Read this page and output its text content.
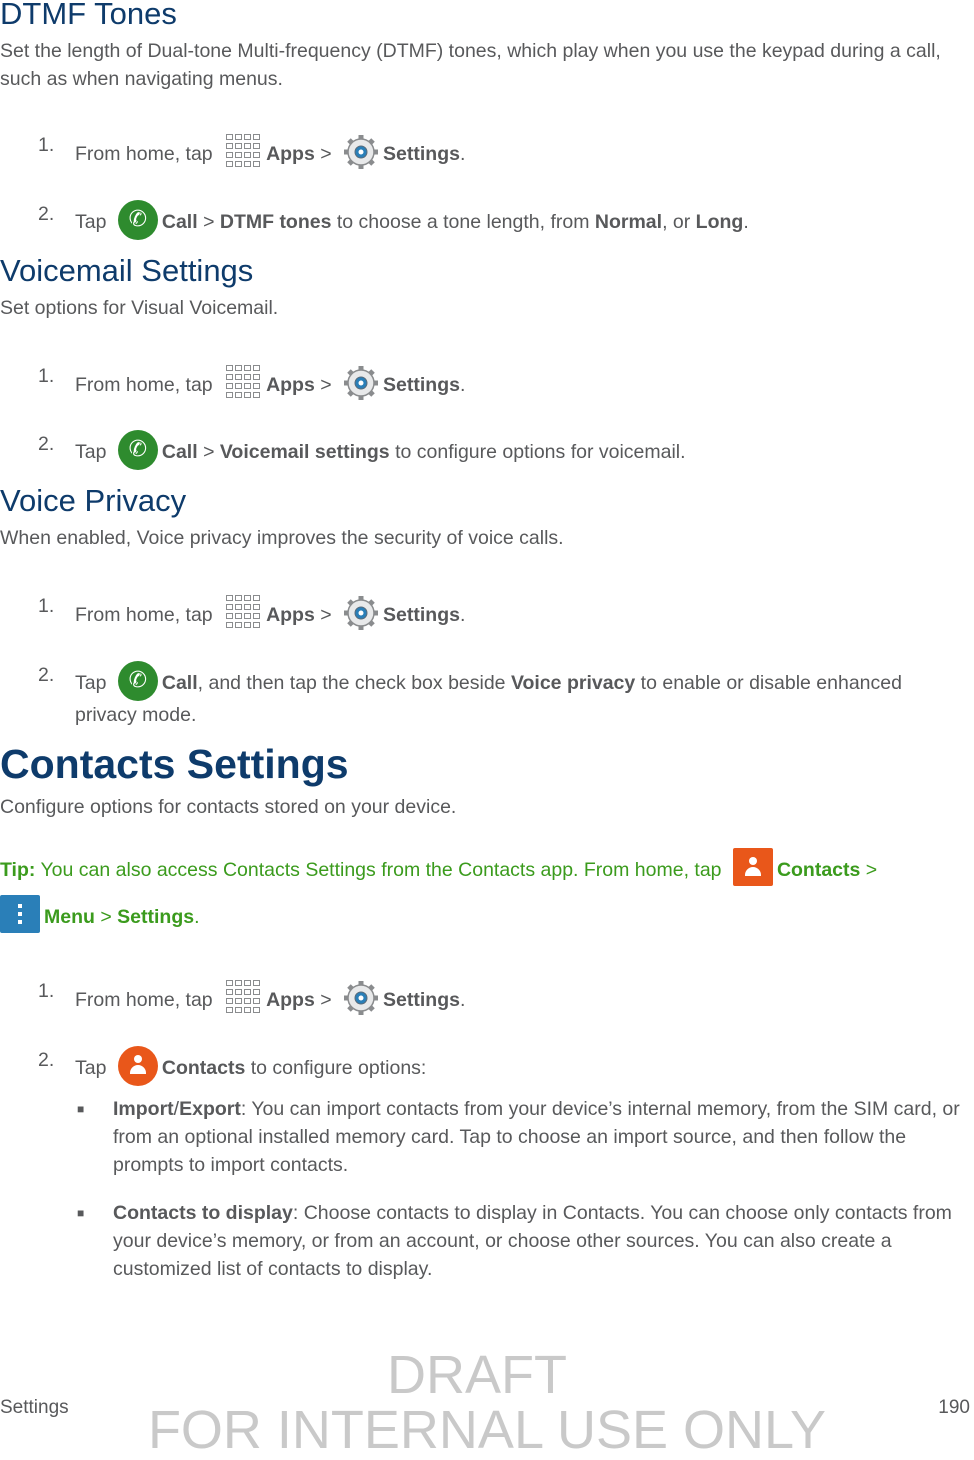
DTMF Tones

Set the length of Dual-tone Multi-frequency (DTMF) tones, which play when you use the keypad during a call, such as when navigating menus.

1. From home, tap	Apps >	Settings.
2. Tap	✆ Call > DTMF tones to choose a tone length, from Normal, or Long.
Voicemail Settings

Set options for Visual Voicemail.

1. From home, tap	Apps >	Settings.
2. Tap	✆ Call > Voicemail settings to configure options for voicemail.
Voice Privacy

When enabled, Voice privacy improves the security of voice calls.

1. From home, tap	Apps >	Settings.
2. Tap	✆ Call, and then tap the check box beside Voice privacy to enable or disable enhanced privacy mode.
Contacts Settings

Configure options for contacts stored on your device.

Tip: You can also access Contacts Settings from the Contacts app. From home, tap	Contacts >

Menu > Settings.
1. From home, tap	Apps >	Settings.
2. Tap	Contacts to configure options:
■ Import/Export: You can import contacts from your device’s internal memory, from the SIM card, or from an optional installed memory card. Tap to choose an import source, and then follow the prompts to import contacts.
■ Contacts to display: Choose contacts to display in Contacts. You can choose only contacts from your device’s memory, or from an account, or choose other sources. You can also create a customized list of contacts to display.
DRAFT
FOR INTERNAL USE ONLY
Settings	190
